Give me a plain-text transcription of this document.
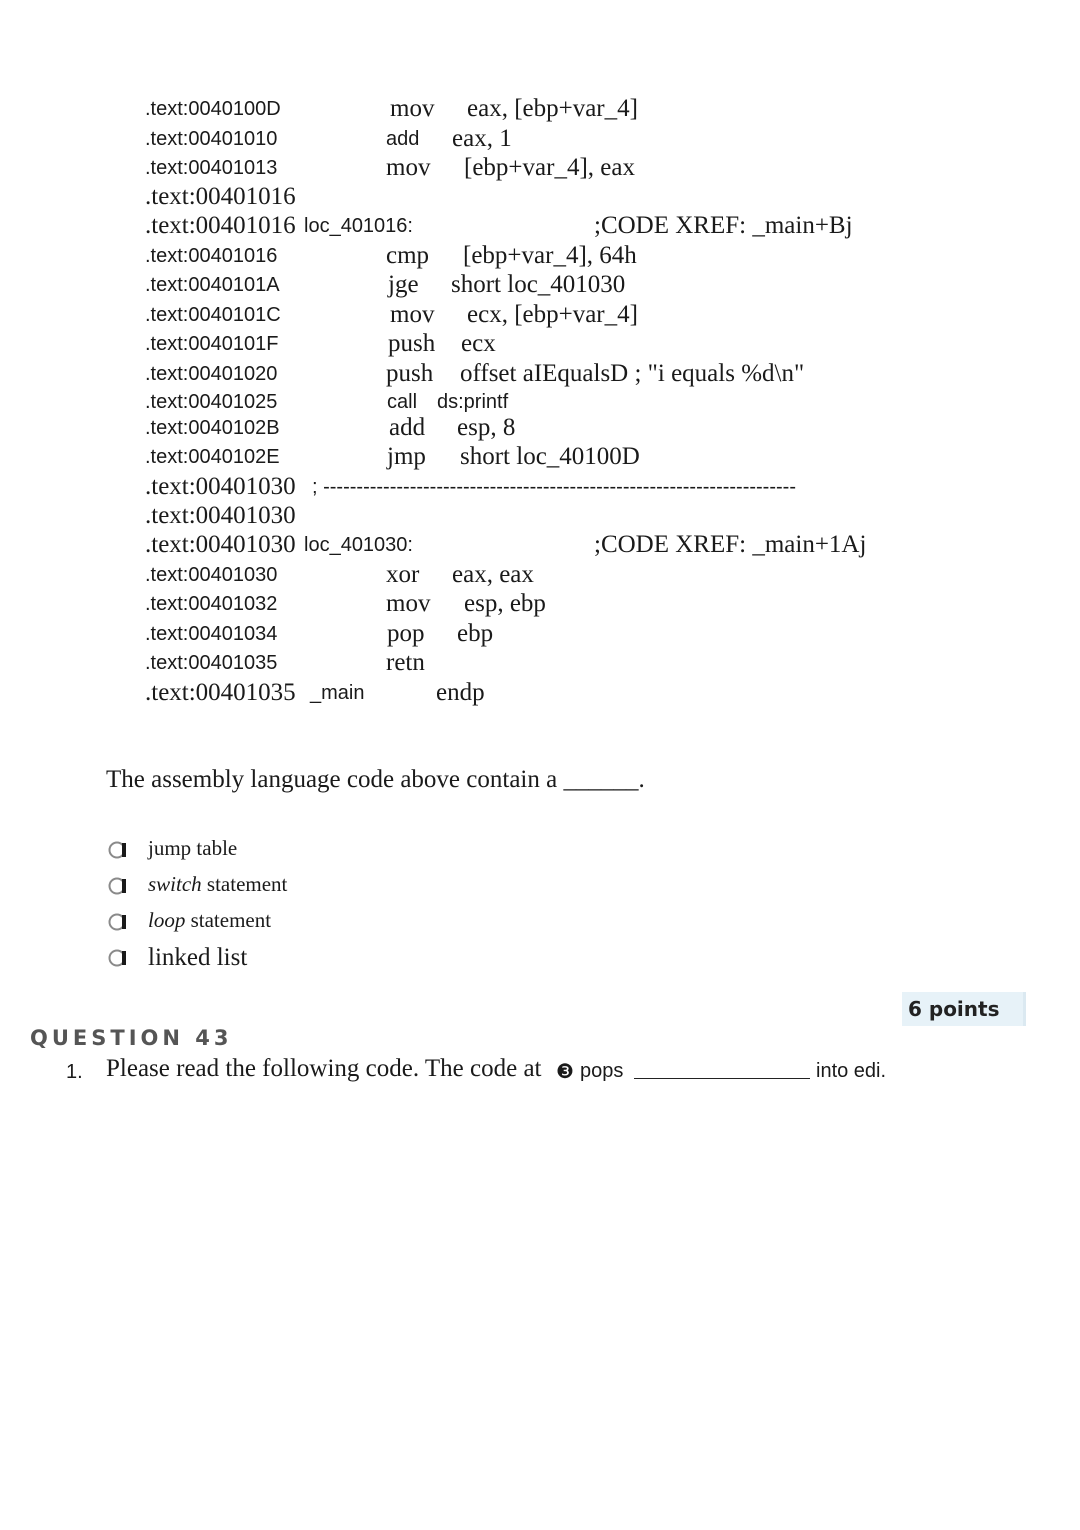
.text:0040100D	mov eax, [ebp+var_4]
.text:00401010	add eax, 1
.text:00401013	mov [ebp+var_4], eax
.text:00401016
.text:00401016 loc_401016:	;CODE XREF: _main+Bj
.text:00401016	cmp [ebp+var_4], 64h
.text:0040101A	jge short loc_401030
.text:0040101C	mov ecx, [ebp+var_4]
.text:0040101F	push ecx
.text:00401020	push offset aIEqualsD ; "i equals %d\n"
.text:00401025	call ds:printf
.text:0040102B	add esp, 8
.text:0040102E	jmp short loc_40100D
.text:00401030 ; -----------------------------------------------------------------------
.text:00401030
.text:00401030 loc_401030:	;CODE XREF: _main+1Aj
.text:00401030	xor eax, eax
.text:00401032	mov esp, ebp
.text:00401034	pop ebp
.text:00401035	retn
.text:00401035 _main	endp
The assembly language code above contain a ______.
jump table
switch statement
loop statement
linked list
6 points
QUESTION 43
1. Please read the following code. The code at ❸ pops	into edi.
